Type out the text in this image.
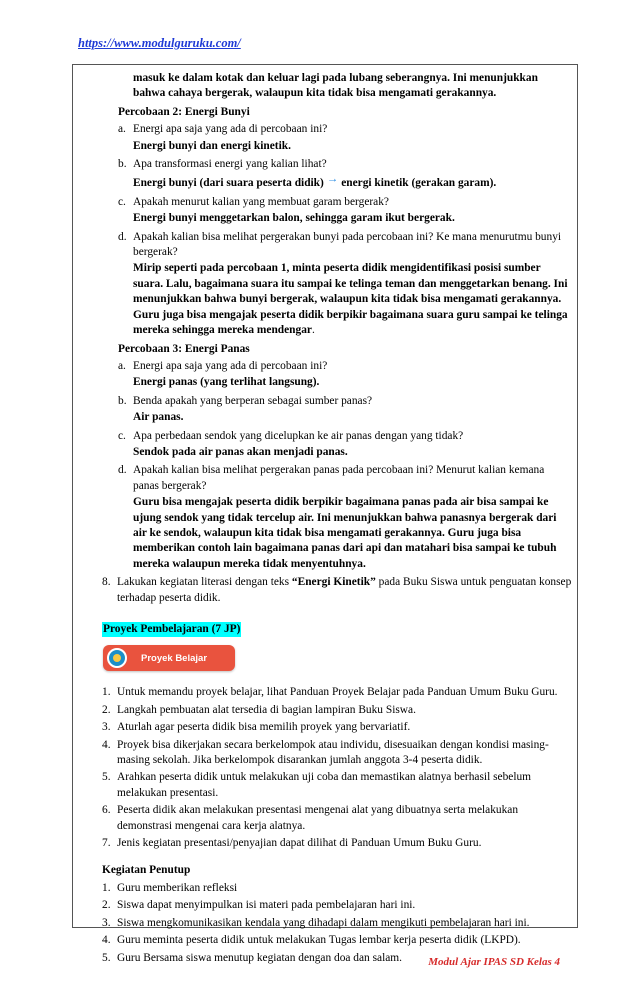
https://www.modulguruku.com/
masuk ke dalam kotak dan keluar lagi pada lubang seberangnya. Ini menunjukkan bahwa cahaya bergerak, walaupun kita tidak bisa mengamati gerakannya.
Percobaan 2: Energi Bunyi
a. Energi apa saja yang ada di percobaan ini?
Energi bunyi dan energi kinetik.
b. Apa transformasi energi yang kalian lihat?
Energi bunyi (dari suara peserta didik) → energi kinetik (gerakan garam).
c. Apakah menurut kalian yang membuat garam bergerak?
Energi bunyi menggetarkan balon, sehingga garam ikut bergerak.
d. Apakah kalian bisa melihat pergerakan bunyi pada percobaan ini? Ke mana menurutmu bunyi bergerak?
Mirip seperti pada percobaan 1, minta peserta didik mengidentifikasi posisi sumber suara. Lalu, bagaimana suara itu sampai ke telinga teman dan menggetarkan benang. Ini menunjukkan bahwa bunyi bergerak, walaupun kita tidak bisa mengamati gerakannya. Guru juga bisa mengajak peserta didik berpikir bagaimana suara guru sampai ke telinga mereka sehingga mereka mendengar.
Percobaan 3: Energi Panas
a. Energi apa saja yang ada di percobaan ini?
Energi panas (yang terlihat langsung).
b. Benda apakah yang berperan sebagai sumber panas?
Air panas.
c. Apa perbedaan sendok yang dicelupkan ke air panas dengan yang tidak?
Sendok pada air panas akan menjadi panas.
d. Apakah kalian bisa melihat pergerakan panas pada percobaan ini? Menurut kalian kemana panas bergerak?
Guru bisa mengajak peserta didik berpikir bagaimana panas pada air bisa sampai ke ujung sendok yang tidak tercelup air. Ini menunjukkan bahwa panasnya bergerak dari air ke sendok, walaupun kita tidak bisa mengamati gerakannya. Guru juga bisa memberikan contoh lain bagaimana panas dari api dan matahari bisa sampai ke tubuh mereka walaupun mereka tidak menyentuhnya.
8. Lakukan kegiatan literasi dengan teks “Energi Kinetik” pada Buku Siswa untuk penguatan konsep terhadap peserta didik.
Proyek Pembelajaran (7 JP)
Proyek Belajar
1. Untuk memandu proyek belajar, lihat Panduan Proyek Belajar pada Panduan Umum Buku Guru.
2. Langkah pembuatan alat tersedia di bagian lampiran Buku Siswa.
3. Aturlah agar peserta didik bisa memilih proyek yang bervariatif.
4. Proyek bisa dikerjakan secara berkelompok atau individu, disesuaikan dengan kondisi masing-masing sekolah. Jika berkelompok disarankan jumlah anggota 3-4 peserta didik.
5. Arahkan peserta didik untuk melakukan uji coba dan memastikan alatnya berhasil sebelum melakukan presentasi.
6. Peserta didik akan melakukan presentasi mengenai alat yang dibuatnya serta melakukan demonstrasi mengenai cara kerja alatnya.
7. Jenis kegiatan presentasi/penyajian dapat dilihat di Panduan Umum Buku Guru.
Kegiatan Penutup
1. Guru memberikan refleksi
2. Siswa dapat menyimpulkan isi materi pada pembelajaran hari ini.
3. Siswa mengkomunikasikan kendala yang dihadapi dalam mengikuti pembelajaran hari ini.
4. Guru meminta peserta didik untuk melakukan Tugas lembar kerja peserta didik (LKPD).
5. Guru Bersama siswa menutup kegiatan dengan doa dan salam.	Modul Ajar IPAS SD Kelas 4
